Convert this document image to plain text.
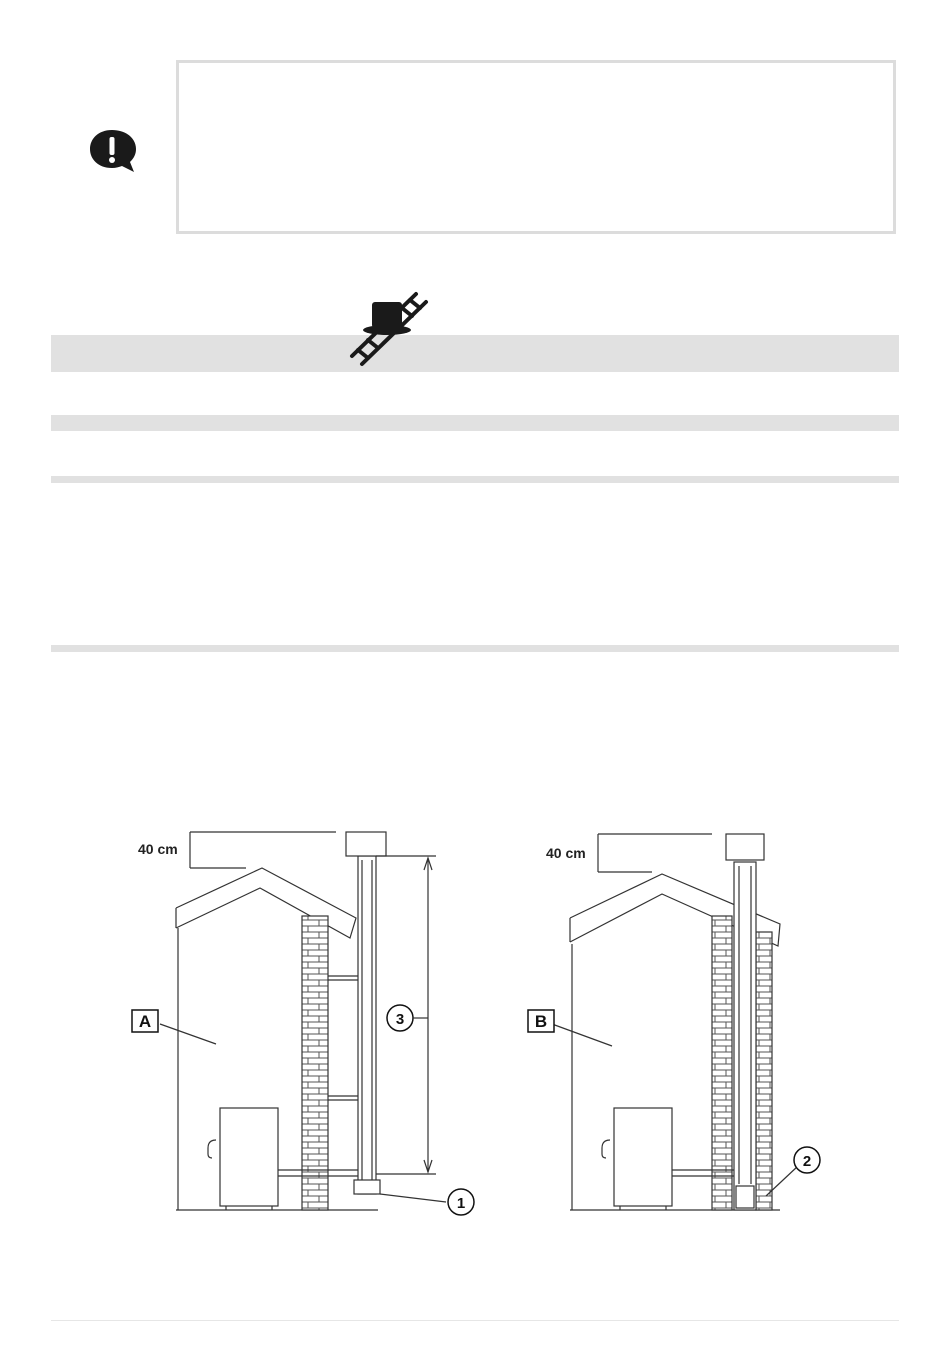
40 cm
A	3
1
40 cm
B
2
